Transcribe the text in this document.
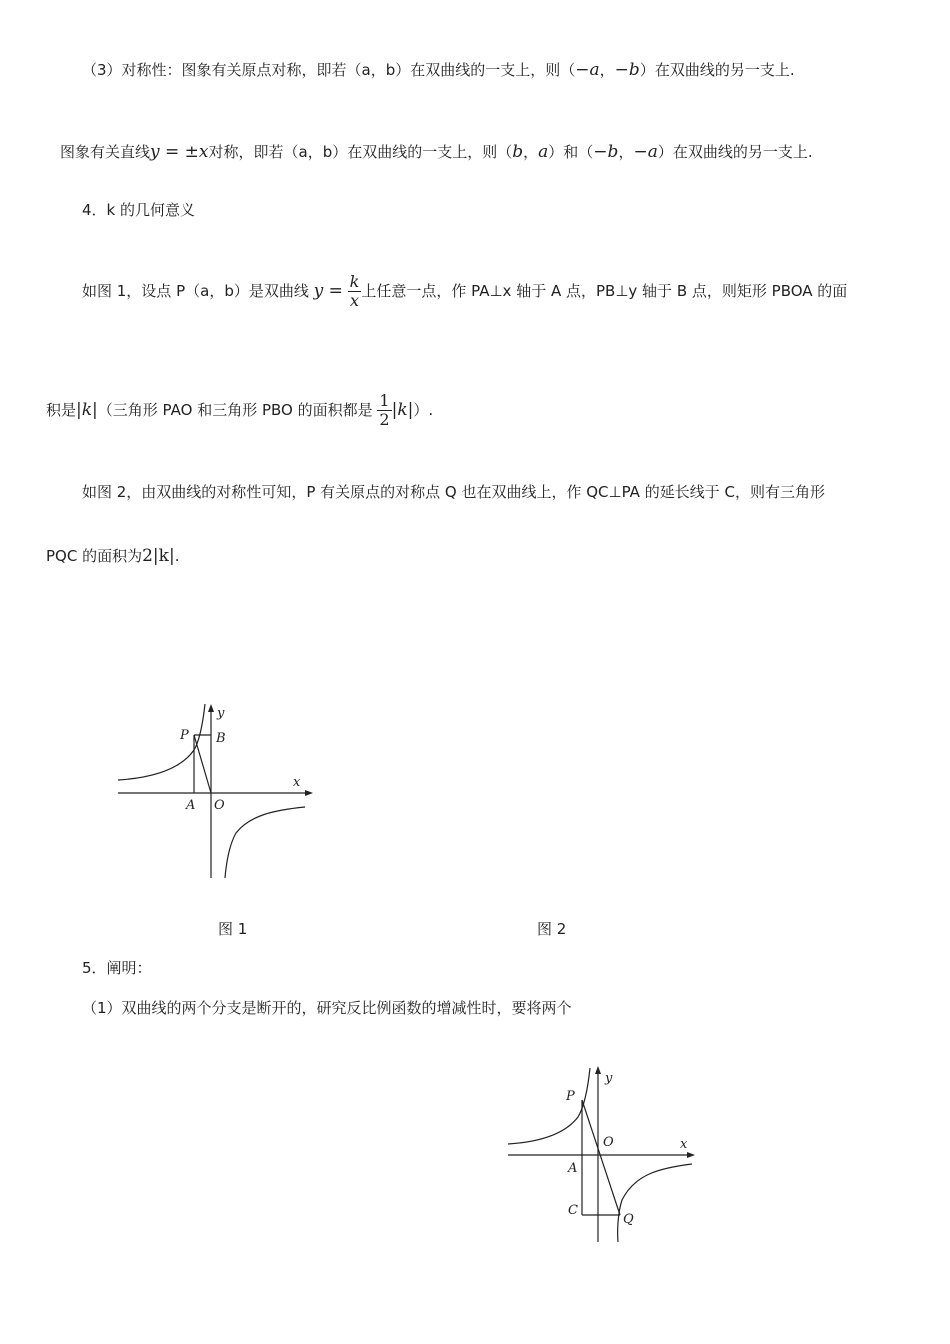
（3）对称性：图象有关原点对称，即若（a，b）在双曲线的一支上，则（−a，−b）在双曲线的另一支上.
图象有关直线y = ±x对称，即若（a，b）在双曲线的一支上，则（b，a）和（−b，−a）在双曲线的另一支上.
4．k 的几何意义
如图 1，设点 P（a，b）是双曲线 $y = \frac{k}{x}$ 上任意一点，作 PA⊥x 轴于 A 点，PB⊥y 轴于 B 点，则矩形 PBOA 的面
积是|k|（三角形 PAO 和三角形 PBO 的面积都是 $\frac{1}{2} |k|$）.
如图 2，由双曲线的对称性可知，P 有关原点的对称点 Q 也在双曲线上，作 QC⊥PA 的延长线于 C，则有三角形
PQC 的面积为2|k|.
P B
A O
x
y
图 1	图 2
5．阐明：
（1）双曲线的两个分支是断开的，研究反比例函数的增减性时，要将两个
P
O
A
C
Q
x
y
